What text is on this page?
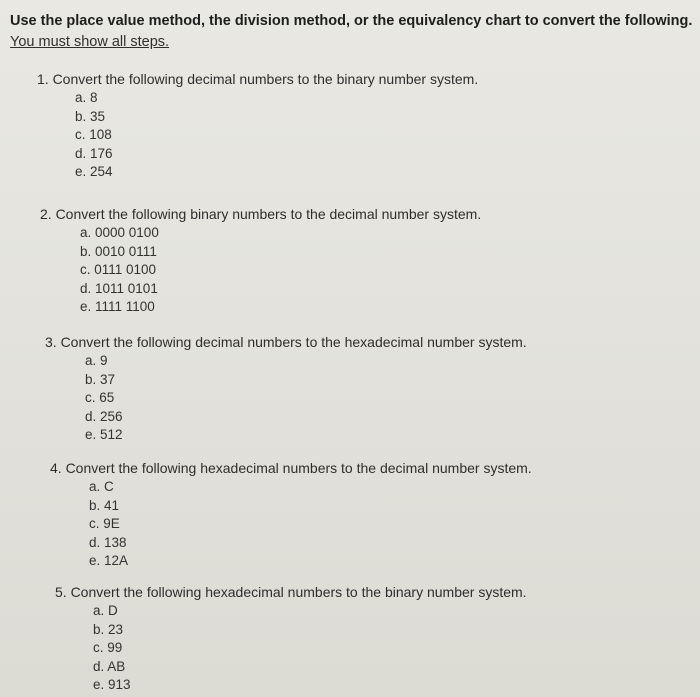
Use the place value method, the division method, or the equivalency chart to convert the following.
You must show all steps.
1. Convert the following decimal numbers to the binary number system.
a. 8
b. 35
c. 108
d. 176
e. 254
2. Convert the following binary numbers to the decimal number system.
a. 0000 0100
b. 0010 0111
c. 0111 0100
d. 1011 0101
e. 1111 1100
3. Convert the following decimal numbers to the hexadecimal number system.
a. 9
b. 37
c. 65
d. 256
e. 512
4. Convert the following hexadecimal numbers to the decimal number system.
a. C
b. 41
c. 9E
d. 138
e. 12A
5. Convert the following hexadecimal numbers to the binary number system.
a. D
b. 23
c. 99
d. AB
e. 913
